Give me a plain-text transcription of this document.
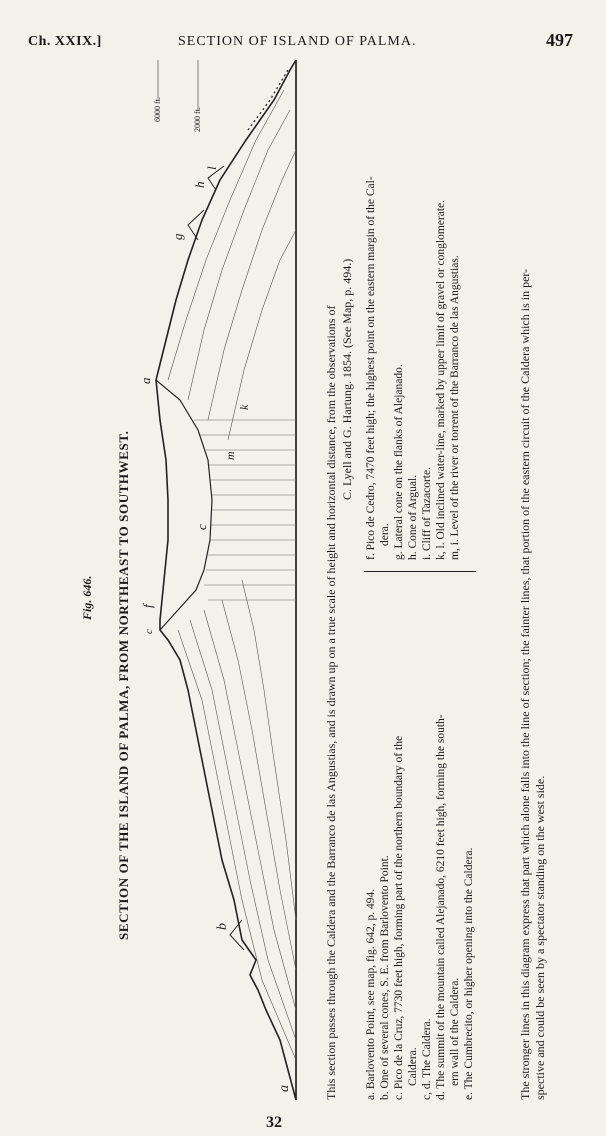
Ch. XXIX.]	SECTION OF ISLAND OF PALMA.	497
Fig. 646. SECTION OF THE ISLAND OF PALMA, FROM NORTHEAST TO SOUTHWEST.
6000 ft.	2000 ft.
a
b
c
f
c
m
k
a
g
h
l
This section passes through the Caldera and the Barranco de las Angustias, and is drawn up on a true scale of height and horizontal distance, from the observations of C. Lyell and G. Hartung. 1854. (See Map, p. 494.)
a. Barlovento Point, see map, fig. 642, p. 494. b. One of several cones, S. E. from Barlovento Point. c. Pico de la Cruz, 7730 feet high, forming part of the northern boundary of the Caldera. c, d. The Caldera. d. The summit of the mountain called Alejanado, 6210 feet high, forming the south- ern wall of the Caldera. e. The Cumbrecito, or higher opening into the Caldera.
f. Pico de Cedro, 7470 feet high; the highest point on the eastern margin of the Cal- dera. g. Lateral cone on the flanks of Alejanado. h. Cone of Argual. i. Cliff of Tazacorte. k, l. Old inclined water-line, marked by upper limit of gravel or conglomerate. m, i. Level of the river or torrent of the Barranco de las Angustias.	The stronger lines in this diagram express that part which alone falls into the line of section; the fainter lines, that portion of the eastern circuit of the Caldera which is in per- spective and could be seen by a spectator standing on the west side.
32
